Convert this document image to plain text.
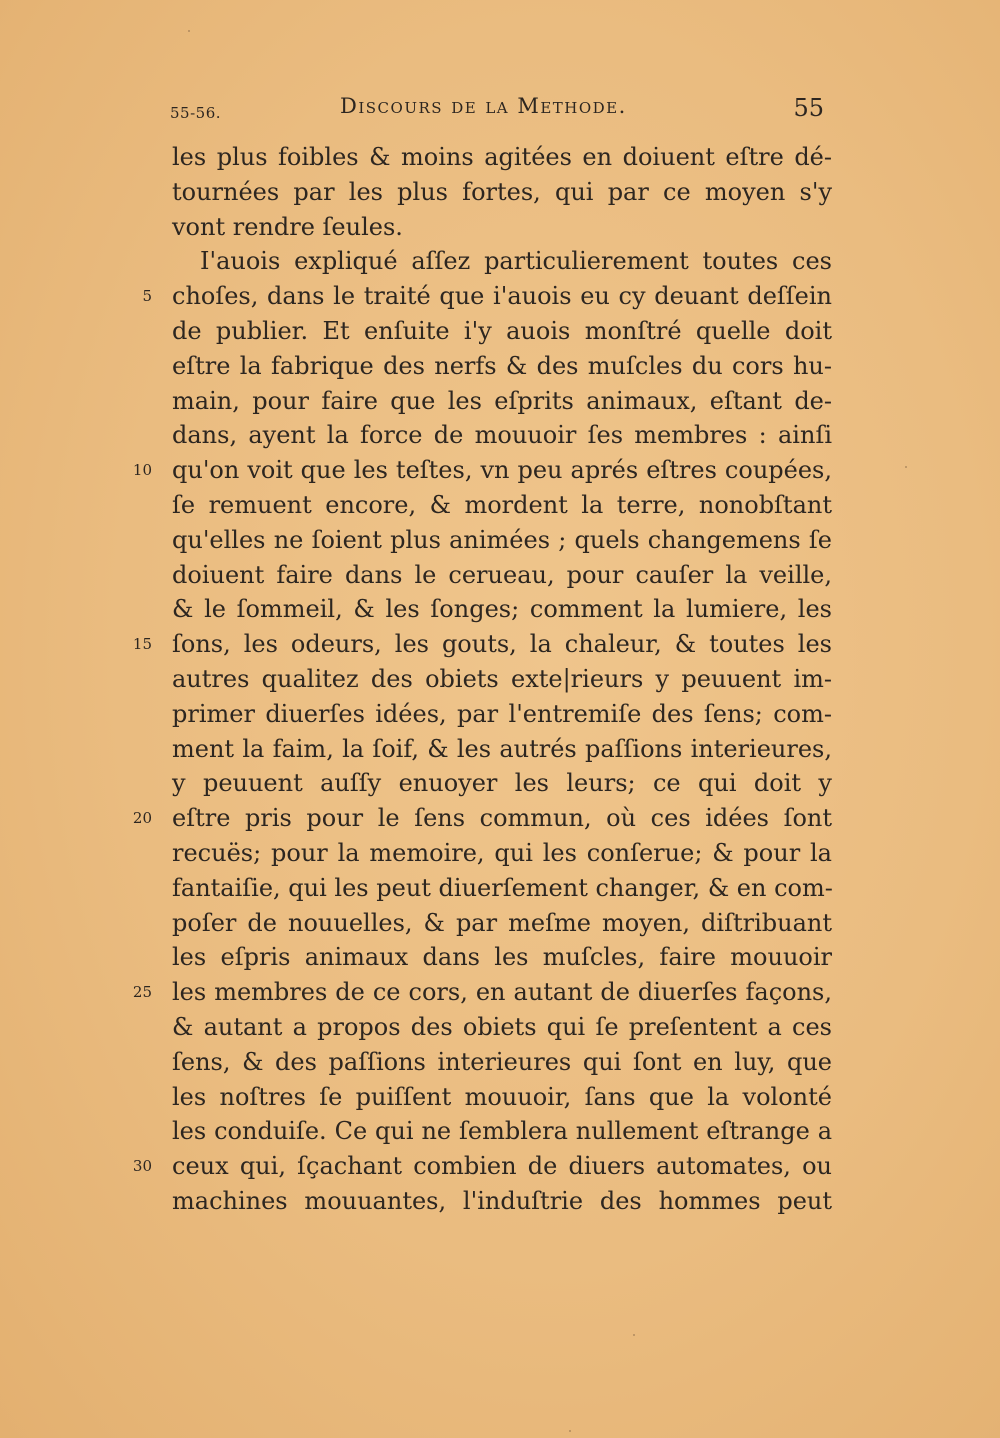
55-56.	Discours de la Methode.	55
les plus foibles & moins agitées en doiuent eſtre dé-
tournées par les plus fortes, qui par ce moyen s'y
vont rendre ſeules.
I'auois expliqué aſſez particulierement toutes ces
5 choſes, dans le traité que i'auois eu cy deuant deſſein
de publier. Et enſuite i'y auois monſtré quelle doit
eſtre la fabrique des nerfs & des muſcles du cors hu-
main, pour faire que les eſprits animaux, eſtant de-
dans, ayent la force de mouuoir ſes membres : ainſi
10 qu'on voit que les teſtes, vn peu aprés eſtres coupées,
ſe remuent encore, & mordent la terre, nonobſtant
qu'elles ne ſoient plus animées ; quels changemens ſe
doiuent faire dans le cerueau, pour cauſer la veille,
& le ſommeil, & les ſonges; comment la lumiere, les
15 ſons, les odeurs, les gouts, la chaleur, & toutes les
autres qualitez des obiets exte|rieurs y peuuent im-
primer diuerſes idées, par l'entremiſe des ſens; com-
ment la faim, la ſoif, & les autrés paſſions interieures,
y peuuent auſſy enuoyer les leurs; ce qui doit y
20 eſtre pris pour le ſens commun, où ces idées ſont
recuës; pour la memoire, qui les conſerue; & pour la
fantaiſie, qui les peut diuerſement changer, & en com-
poſer de nouuelles, & par meſme moyen, diſtribuant
les eſpris animaux dans les muſcles, faire mouuoir
25 les membres de ce cors, en autant de diuerſes façons,
& autant a propos des obiets qui ſe preſentent a ces
ſens, & des paſſions interieures qui ſont en luy, que
les noſtres ſe puiſſent mouuoir, ſans que la volonté
les conduiſe. Ce qui ne ſemblera nullement eſtrange a
30 ceux qui, ſçachant combien de diuers automates, ou
machines mouuantes, l'induſtrie des hommes peut
